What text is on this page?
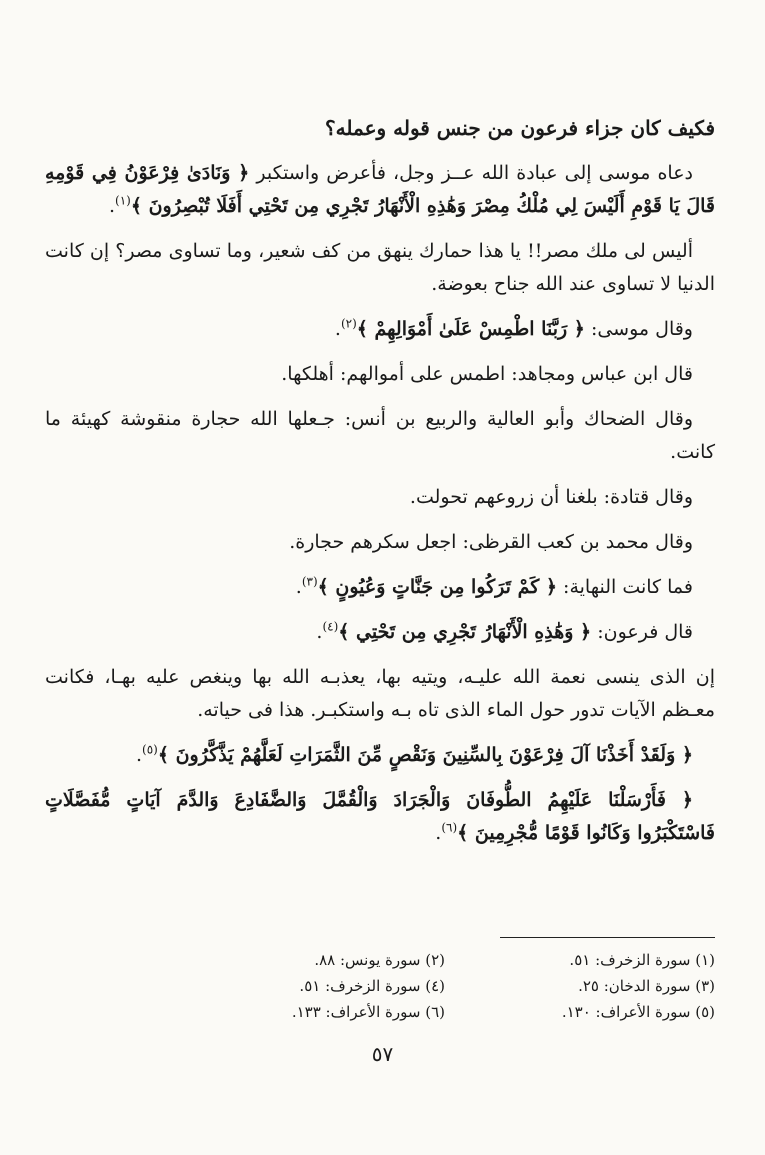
فكيف كان جزاء فرعون من جنس قوله وعمله؟

دعاه موسى إلى عبادة الله عــز وجل، فأعرض واستكبر ﴿ وَنَادَىٰ فِرْعَوْنُ فِي قَوْمِهِ قَالَ يَا قَوْمِ أَلَيْسَ لِي مُلْكُ مِصْرَ وَهَٰذِهِ الْأَنْهَارُ تَجْرِي مِن تَحْتِي أَفَلَا تُبْصِرُونَ ﴾$^{(١)}$.

أليس لى ملك مصر!! يا هذا حمارك ينهق من كف شعير، وما تساوى مصر؟ إن كانت الدنيا لا تساوى عند الله جناح بعوضة.

وقال موسى: ﴿ رَبَّنَا اطْمِسْ عَلَىٰ أَمْوَالِهِمْ ﴾$^{(٢)}$.

قال ابن عباس ومجاهد: اطمس على أموالهم: أهلكها.

وقال الضحاك وأبو العالية والربيع بن أنس: جـعلها الله حجارة منقوشة كهيئة ما كانت.

وقال قتادة: بلغنا أن زروعهم تحولت.

وقال محمد بن كعب القرظى: اجعل سكرهم حجارة.

فما كانت النهاية: ﴿ كَمْ تَرَكُوا مِن جَنَّاتٍ وَعُيُونٍ ﴾$^{(٣)}$.

قال فرعون: ﴿ وَهَٰذِهِ الْأَنْهَارُ تَجْرِي مِن تَحْتِي ﴾$^{(٤)}$.

إن الذى ينسى نعمة الله عليـه، ويتيه بها، يعذبـه الله بها وينغص عليه بهـا، فكانت معـظم الآيات تدور حول الماء الذى تاه بـه واستكبـر. هذا فى حياته.

﴿ وَلَقَدْ أَخَذْنَا آلَ فِرْعَوْنَ بِالسِّنِينَ وَنَقْصٍ مِّنَ الثَّمَرَاتِ لَعَلَّهُمْ يَذَّكَّرُونَ ﴾$^{(٥)}$.

﴿ فَأَرْسَلْنَا عَلَيْهِمُ الطُّوفَانَ وَالْجَرَادَ وَالْقُمَّلَ وَالضَّفَادِعَ وَالدَّمَ آيَاتٍ مُّفَصَّلَاتٍ فَاسْتَكْبَرُوا وَكَانُوا قَوْمًا مُّجْرِمِينَ ﴾$^{(٦)}$.

(١) سورة الزخرف: ٥١.
(٢) سورة يونس: ٨٨.
(٣) سورة الدخان: ٢٥.
(٤) سورة الزخرف: ٥١.
(٥) سورة الأعراف: ١٣٠.
(٦) سورة الأعراف: ١٣٣.
٥٧
